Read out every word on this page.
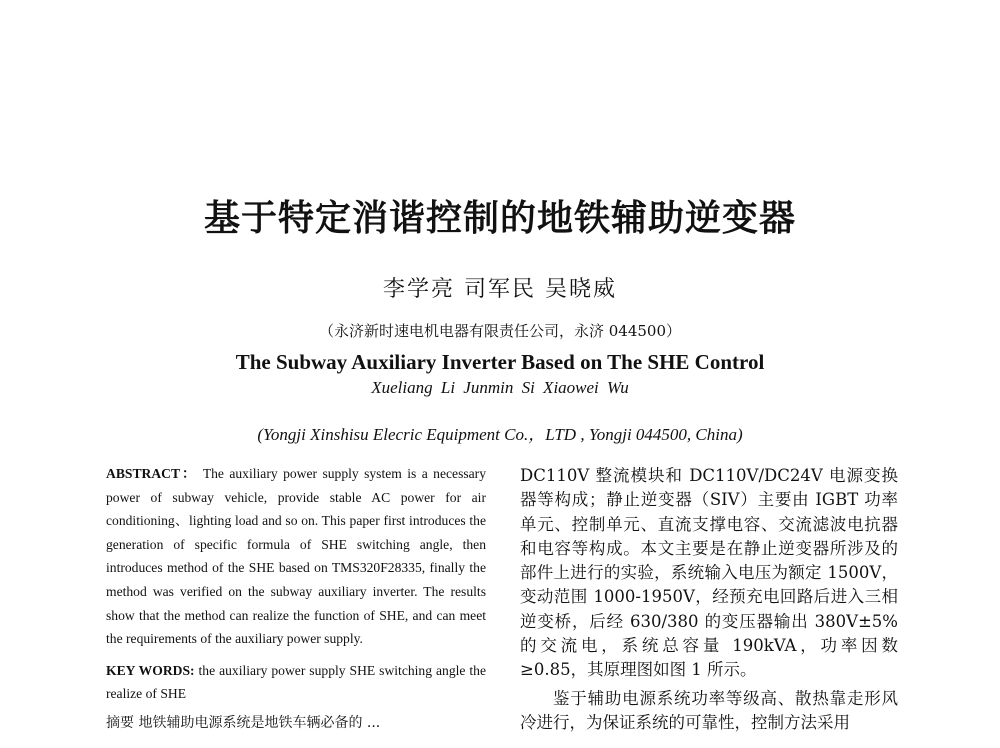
基于特定消谐控制的地铁辅助逆变器
李学亮 司军民 吴晓威
（永济新时速电机电器有限责任公司，永济 044500）
The Subway Auxiliary Inverter Based on The SHE Control
Xueliang Li Junmin Si Xiaowei Wu
(Yongji Xinshisu Elecric Equipment Co.，LTD , Yongji 044500, China)
ABSTRACT： The auxiliary power supply system is a necessary power of subway vehicle, provide stable AC power for air conditioning、lighting load and so on. This paper first introduces the generation of specific formula of SHE switching angle, then introduces method of the SHE based on TMS320F28335, finally the method was verified on the subway auxiliary inverter. The results show that the method can realize the function of SHE, and can meet the requirements of the auxiliary power supply.
KEY WORDS: the auxiliary power supply SHE switching angle the realize of SHE
摘要 地铁辅助电源系统是地铁车辆必备的 ...

DC110V 整流模块和 DC110V/DC24V 电源变换器等构成；静止逆变器（SIV）主要由 IGBT 功率单元、控制单元、直流支撑电容、交流滤波电抗器和电容等构成。本文主要是在静止逆变器所涉及的部件上进行的实验，系统输入电压为额定 1500V，变动范围 1000-1950V，经预充电回路后进入三相逆变桥，后经 630/380 的变压器输出 380V±5%的交流电，系统总容量 190kVA，功率因数≥0.85，其原理图如图 1 所示。

鉴于辅助电源系统功率等级高、散热靠走形风冷进行，为保证系统的可靠性，控制方法采用
